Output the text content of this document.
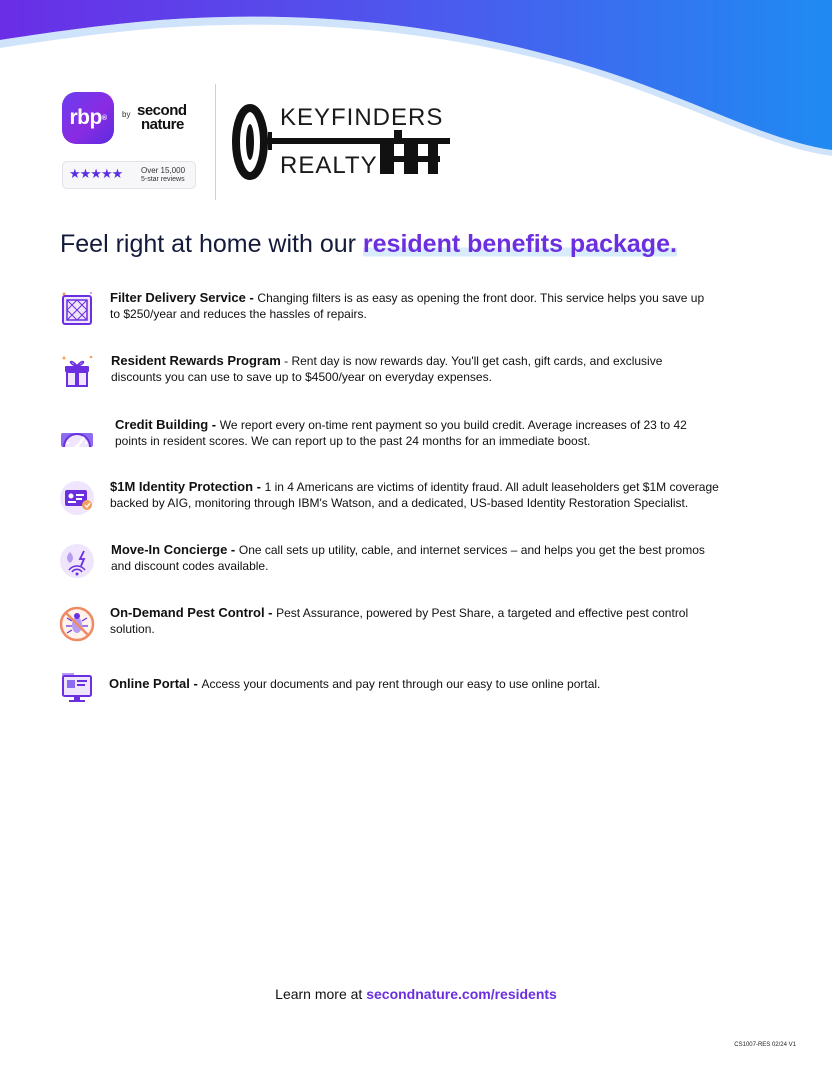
rbp ® by second
nature
★★★★★ Over 15,000
5-star reviews
KEYFINDERS
REALTY
Feel right at home with our resident benefits package.
Filter Delivery Service - Changing filters is as easy as opening the front door. This service helps you save up
to $250/year and reduces the hassles of repairs.
Resident Rewards Program - Rent day is now rewards day. You'll get cash, gift cards, and exclusive
discounts you can use to save up to $4500/year on everyday expenses.
Credit Building - We report every on-time rent payment so you build credit. Average increases of 23 to 42
points in resident scores. We can report up to the past 24 months for an immediate boost.
$1M Identity Protection - 1 in 4 Americans are victims of identity fraud. All adult leaseholders get $1M coverage
backed by AIG, monitoring through IBM's Watson, and a dedicated, US-based Identity Restoration Specialist.
Move-In Concierge - One call sets up utility, cable, and internet services – and helps you get the best promos
and discount codes available.
On-Demand Pest Control - Pest Assurance, powered by Pest Share, a targeted and effective pest control
solution.
Online Portal - Access your documents and pay rent through our easy to use online portal.
Learn more at secondnature.com/residents
CS1007-RES 02/24 V1
